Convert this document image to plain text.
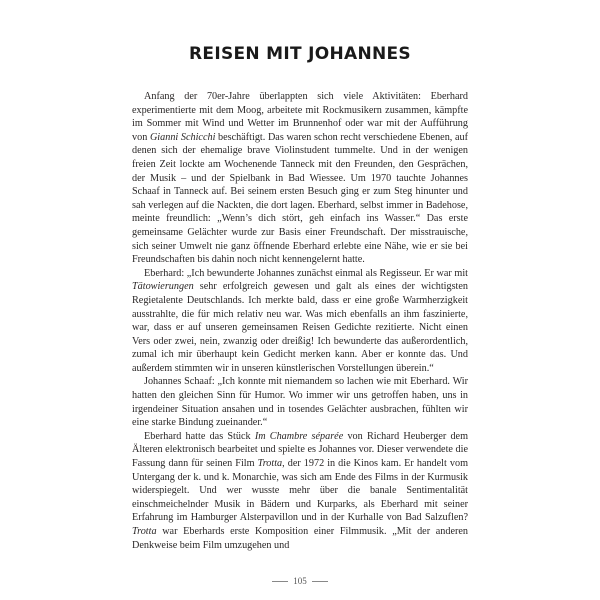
REISEN MIT JOHANNES

Anfang der 70er-Jahre überlappten sich viele Aktivitäten: Eberhard experimentierte mit dem Moog, arbeitete mit Rockmusikern zusammen, kämpfte im Sommer mit Wind und Wetter im Brunnenhof oder war mit der Aufführung von Gianni Schicchi beschäftigt. Das waren schon recht verschiedene Ebenen, auf denen sich der ehemalige brave Violinstudent tummelte. Und in der wenigen freien Zeit lockte am Wochenende Tanneck mit den Freunden, den Gesprächen, der Musik – und der Spielbank in Bad Wiessee. Um 1970 tauchte Johannes Schaaf in Tanneck auf. Bei seinem ersten Besuch ging er zum Steg hinunter und sah verlegen auf die Nackten, die dort lagen. Eberhard, selbst immer in Badehose, meinte freundlich: „Wenn’s dich stört, geh einfach ins Wasser.“ Das erste gemeinsame Gelächter wurde zur Basis einer Freundschaft. Der misstrauische, sich seiner Umwelt nie ganz öffnende Eberhard erlebte eine Nähe, wie er sie bei Freundschaften bis dahin noch nicht kennengelernt hatte.

Eberhard: „Ich bewunderte Johannes zunächst einmal als Regisseur. Er war mit Tätowierungen sehr erfolgreich gewesen und galt als eines der wichtigsten Regietalente Deutschlands. Ich merkte bald, dass er eine große Warmherzigkeit ausstrahlte, die für mich relativ neu war. Was mich ebenfalls an ihm faszinierte, war, dass er auf unseren gemeinsamen Reisen Gedichte rezitierte. Nicht einen Vers oder zwei, nein, zwanzig oder dreißig! Ich bewunderte das außerordentlich, zumal ich mir überhaupt kein Gedicht merken kann. Aber er konnte das. Und außerdem stimmten wir in unseren künstlerischen Vorstellungen überein.“

Johannes Schaaf: „Ich konnte mit niemandem so lachen wie mit Eberhard. Wir hatten den gleichen Sinn für Humor. Wo immer wir uns getroffen haben, uns in irgendeiner Situation ansahen und in tosendes Gelächter ausbrachen, fühlten wir eine starke Bindung zueinander.“

Eberhard hatte das Stück Im Chambre séparée von Richard Heuberger dem Älteren elektronisch bearbeitet und spielte es Johannes vor. Dieser verwendete die Fassung dann für seinen Film Trotta, der 1972 in die Kinos kam. Er handelt vom Untergang der k. und k. Monarchie, was sich am Ende des Films in der Kurmusik widerspiegelt. Und wer wusste mehr über die banale Sentimentalität einschmeichelnder Musik in Bädern und Kurparks, als Eberhard mit seiner Erfahrung im Hamburger Alsterpavillon und in der Kurhalle von Bad Salzuflen? Trotta war Eberhards erste Komposition einer Filmmusik. „Mit der anderen Denkweise beim Film umzugehen und

105
